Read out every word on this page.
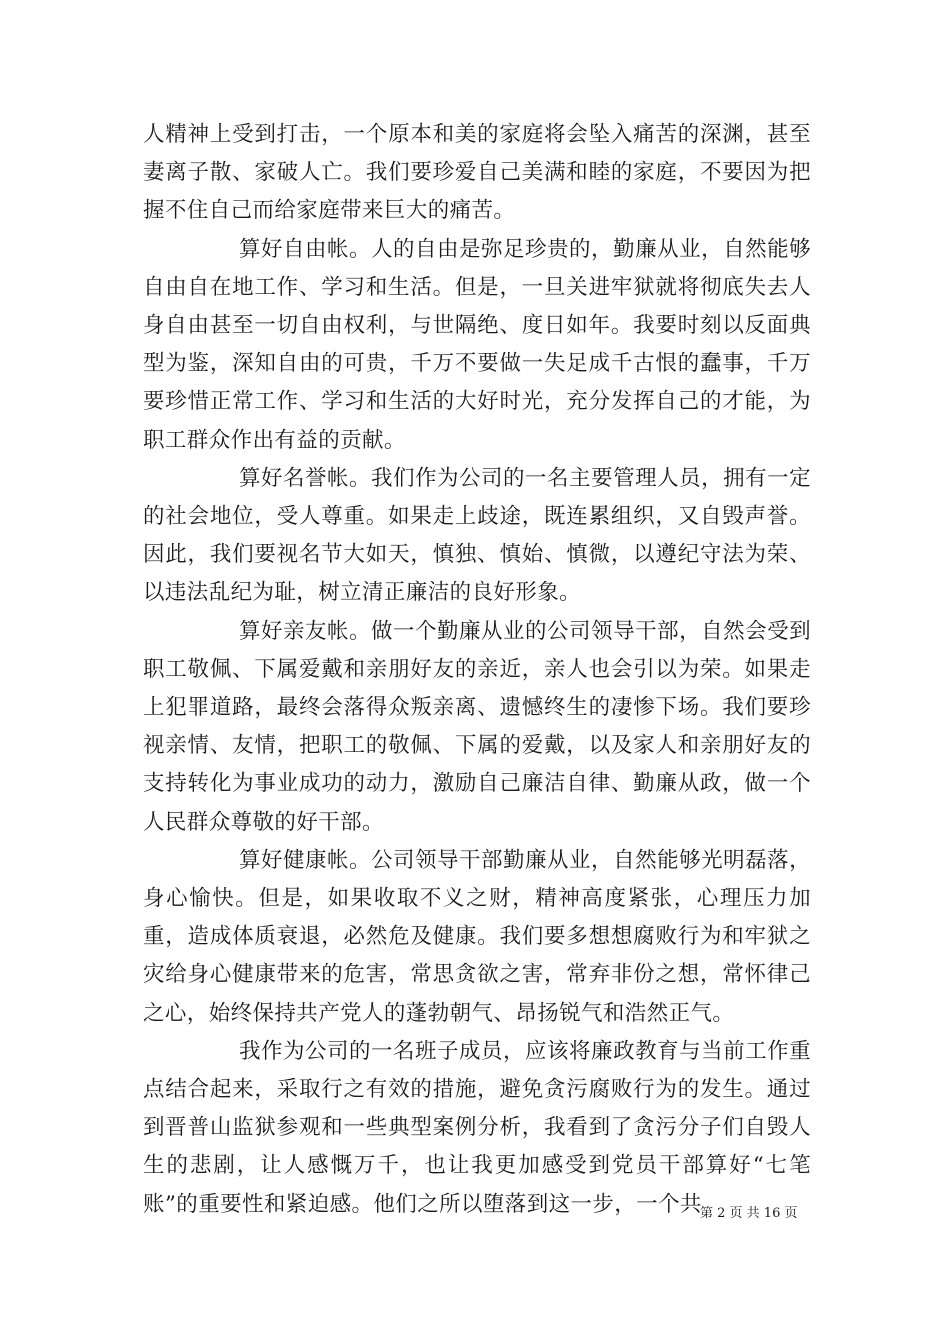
人精神上受到打击，一个原本和美的家庭将会坠入痛苦的深渊，甚至妻离子散、家破人亡。我们要珍爱自己美满和睦的家庭，不要因为把握不住自己而给家庭带来巨大的痛苦。

算好自由帐。人的自由是弥足珍贵的，勤廉从业，自然能够自由自在地工作、学习和生活。但是，一旦关进牢狱就将彻底失去人身自由甚至一切自由权利，与世隔绝、度日如年。我要时刻以反面典型为鉴，深知自由的可贵，千万不要做一失足成千古恨的蠢事，千万要珍惜正常工作、学习和生活的大好时光，充分发挥自己的才能，为职工群众作出有益的贡献。

算好名誉帐。我们作为公司的一名主要管理人员，拥有一定的社会地位，受人尊重。如果走上歧途，既连累组织，又自毁声誉。因此，我们要视名节大如天，慎独、慎始、慎微，以遵纪守法为荣、以违法乱纪为耻，树立清正廉洁的良好形象。

算好亲友帐。做一个勤廉从业的公司领导干部，自然会受到职工敬佩、下属爱戴和亲朋好友的亲近，亲人也会引以为荣。如果走上犯罪道路，最终会落得众叛亲离、遗憾终生的凄惨下场。我们要珍视亲情、友情，把职工的敬佩、下属的爱戴，以及家人和亲朋好友的支持转化为事业成功的动力，激励自己廉洁自律、勤廉从政，做一个人民群众尊敬的好干部。

算好健康帐。公司领导干部勤廉从业，自然能够光明磊落，身心愉快。但是，如果收取不义之财，精神高度紧张，心理压力加重，造成体质衰退，必然危及健康。我们要多想想腐败行为和牢狱之灾给身心健康带来的危害，常思贪欲之害，常弃非份之想，常怀律己之心，始终保持共产党人的蓬勃朝气、昂扬锐气和浩然正气。

我作为公司的一名班子成员，应该将廉政教育与当前工作重点结合起来，采取行之有效的措施，避免贪污腐败行为的发生。通过到晋普山监狱参观和一些典型案例分析，我看到了贪污分子们自毁人生的悲剧，让人感慨万千，也让我更加感受到党员干部算好“七笔账”的重要性和紧迫感。他们之所以堕落到这一步，一个共

第 2 页 共 16 页
